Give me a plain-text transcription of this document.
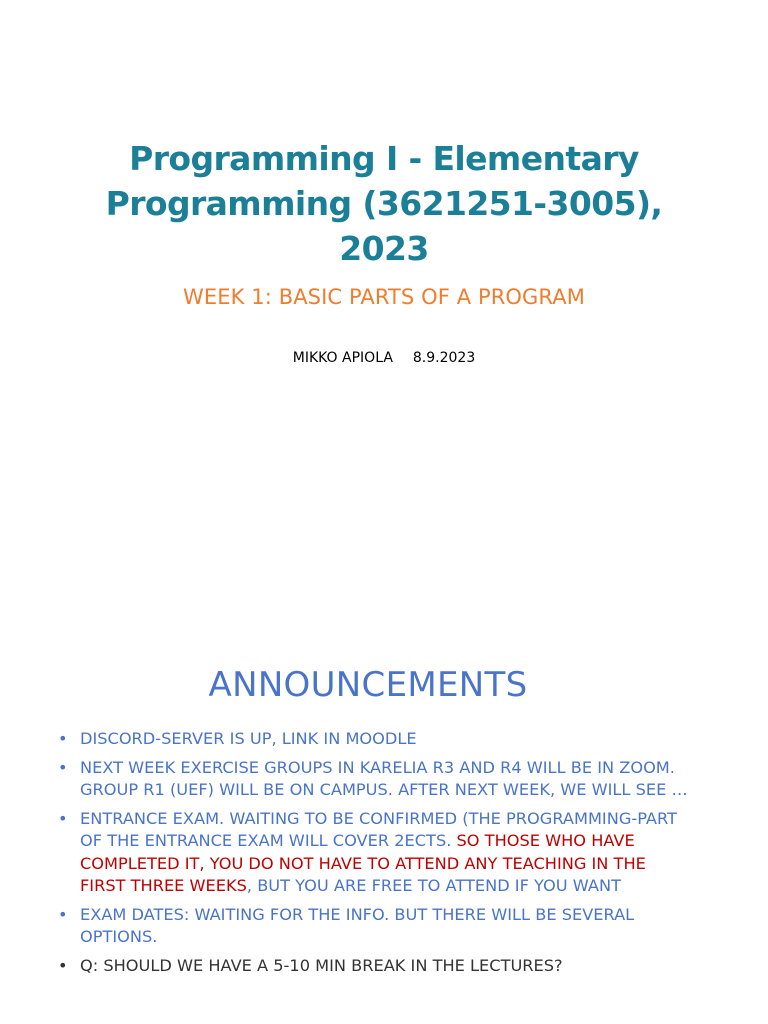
Programming I - Elementary
Programming (3621251-3005),
2023
WEEK 1: BASIC PARTS OF A PROGRAM
MIKKO APIOLA 8.9.2023
ANNOUNCEMENTS
• DISCORD-SERVER IS UP, LINK IN MOODLE
• NEXT WEEK EXERCISE GROUPS IN KARELIA R3 AND R4 WILL BE IN ZOOM. GROUP R1 (UEF) WILL BE ON CAMPUS. AFTER NEXT WEEK, WE WILL SEE …
• ENTRANCE EXAM. WAITING TO BE CONFIRMED (THE PROGRAMMING-PART OF THE ENTRANCE EXAM WILL COVER 2ECTS. SO THOSE WHO HAVE COMPLETED IT, YOU DO NOT HAVE TO ATTEND ANY TEACHING IN THE FIRST THREE WEEKS, BUT YOU ARE FREE TO ATTEND IF YOU WANT
• EXAM DATES: WAITING FOR THE INFO. BUT THERE WILL BE SEVERAL OPTIONS.
• Q: SHOULD WE HAVE A 5-10 MIN BREAK IN THE LECTURES?
